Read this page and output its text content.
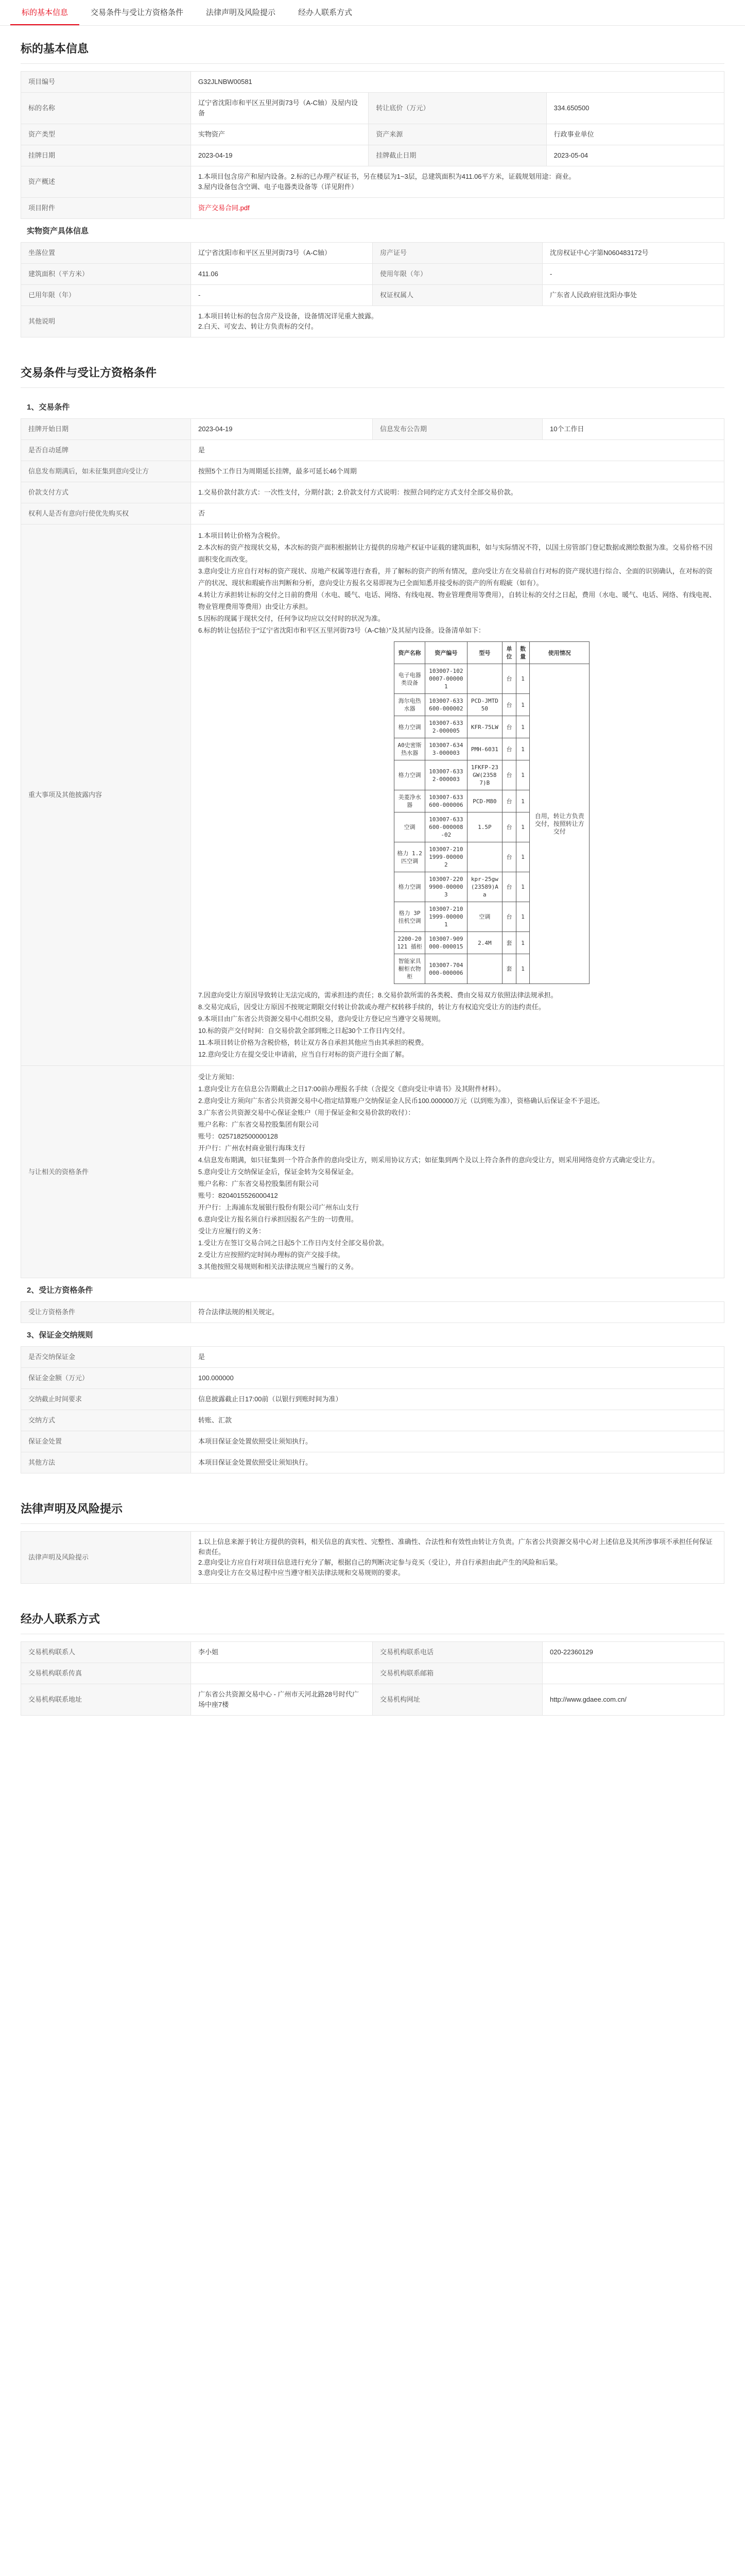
标的基本信息	交易条件与受让方资格条件	法律声明及风险提示	经办人联系方式
标的基本信息
项目编号	G32JLNBW00581		
标的名称	辽宁省沈阳市和平区五里河街73号（A-C轴）及屋内设备	转让底价（万元）	334.650500
资产类型	实物资产	资产来源	行政事业单位
挂牌日期	2023-04-19	挂牌截止日期	2023-05-04
资产概述	1.本项目包含房产和屋内设备。2.标的已办理产权证书，另在楼层为1~3层，总建筑面积为411.06平方米，证载规划用途：商业。
3.屋内设备包含空调、电子电器类设备等（详见附件）		
项目附件	资产交易合同.pdf		
实物资产具体信息
坐落位置	辽宁省沈阳市和平区五里河街73号（A-C轴）	房产证号	沈房权证中心字第N060483172号
建筑面积（平方米）	411.06	使用年限（年）	-
已用年限（年）	-	权证权属人	广东省人民政府驻沈阳办事处
其他说明	1.本项目转让标的包含房产及设备，设备情况详见重大披露。
2.白天、可安去、转让方负责标的交付。		
交易条件与受让方资格条件
1、交易条件
挂牌开始日期	2023-04-19	信息发布公告期	10个工作日
是否自动延牌	是
信息发布期满后，如未征集到意向受让方	按照5个工作日为周期延长挂牌，最多可延长46个周期
价款支付方式	1.交易价款付款方式：一次性支付，分期付款；2.价款支付方式说明：按照合同约定方式支付全部交易价款。
权利人是否有意向行使优先购买权	否
重大事项及其他披露内容	

1.本项目转让价格为含税价。
2.本次标的资产按现状交易，本次标的资产面积根据转让方提供的房地产权证中证载的建筑面积，如与实际情况不符，以国土房管部门登记数据或测绘数据为准。交易价格不因面积变化而改变。
3.意向受让方应自行对标的资产现状、房地产权属等进行查看，并了解标的资产的所有情况，意向受让方在交易前自行对标的资产现状进行综合、全面的识别确认，在对标的资产的状况、现状和瑕疵作出判断和分析，意向受让方报名交易即视为已全面知悉并接受标的资产的所有瑕疵（如有）。
4.转让方承担转让标的交付之日前的费用（水电、暖气、电话、网络、有线电视、物业管理费用等费用），自转让标的交付之日起，费用（水电、暖气、电话、网络、有线电视、物业管理费用等费用）由受让方承担。
5.因标的现属于现状交付，任何争议均应以交付时的状况为准。
6.标的转让包括位于“辽宁省沈阳市和平区五里河街73号（A-C轴）”及其屋内设备。设备清单如下：

资产名称	资产编号	型号	单位	数量	使用情况
电子电器类设备	103007-1020007-000001		台	1	自用，转让方负责交付，按照转让方交付
海尔电热水器	103007-633600-000002	PCD-JMTD50	台	1
格力空调	103007-6332-000005	KFR-75LW	台	1
A0史密斯热水器	103007-6343-000003	PMH-6031	台	1
格力空调	103007-6332-000003	1FKFP-23GW(23587)B	台	1
美菱净水器	103007-633600-000006	PCD-M80	台	1
空调	103007-633600-000008-02	1.5P	台	1
格力 1.2匹空调	103007-2101999-000002		台	1
格力空调	103007-2209900-000003	kpr-25gw(23589)Aa	台	1
格力 3P 挂机空调	103007-2101999-000001	空调	台	1
2200-20121 插柜	103007-909000-000015	2.4M	套	1
智能家具橱柜衣物柜	103007-704000-000006		套	1

7.因意向受让方原因导致转让无法完成的，需承担违约责任；8.交易价款所需的各类税、费由交易双方依照法律法规承担。
8.交易完成后，因受让方原因不按规定期限交付转让价款或办理产权转移手续的，转让方有权追究受让方的违约责任。
9.本项目由广东省公共资源交易中心组织交易，意向受让方登记应当遵守交易规则。
10.标的资产交付时间：自交易价款全部到账之日起30个工作日内交付。
11.本项目转让价格为含税价格，转让双方各自承担其他应当由其承担的税费。
12.意向受让方在提交受让申请前，应当自行对标的资产进行全面了解。

与让相关的资格条件	

受让方须知：
1.意向受让方在信息公告期截止之日17:00前办理报名手续（含提交《意向受让申请书》及其附件材料）。
2.意向受让方须向广东省公共资源交易中心指定结算账户交纳保证金人民币100.000000万元（以到账为准），资格确认后保证金不予退还。
3.广东省公共资源交易中心保证金账户（用于保证金和交易价款的收付）：
账户名称：广东省交易控股集团有限公司
账号：0257182500000128
开户行：广州农村商业银行海珠支行
4.信息发布期满，如只征集到一个符合条件的意向受让方，则采用协议方式；如征集到两个及以上符合条件的意向受让方，则采用网络竞价方式确定受让方。
5.意向受让方交纳保证金后，保证金转为交易保证金。
账户名称：广东省交易控股集团有限公司
账号：8204015526000412
开户行：上海浦东发展银行股份有限公司广州东山支行
6.意向受让方报名须自行承担因报名产生的一切费用。
受让方应履行的义务：
1.受让方在签订交易合同之日起5个工作日内支付全部交易价款。
2.受让方应按照约定时间办理标的资产交接手续。
3.其他按照交易规则和相关法律法规应当履行的义务。

2、受让方资格条件
受让方资格条件	符合法律法规的相关规定。
3、保证金交纳规则
是否交纳保证金	是
保证金金额（万元）	100.000000
交纳截止时间要求	信息披露截止日17:00前（以银行到账时间为准）
交纳方式	转账、汇款
保证金处置	本项目保证金处置依照受让须知执行。
其他方法	本项目保证金处置依照受让须知执行。
法律声明及风险提示
法律声明及风险提示	1.以上信息来源于转让方提供的资料，相关信息的真实性、完整性、准确性、合法性和有效性由转让方负责。广东省公共资源交易中心对上述信息及其所涉事项不承担任何保证和责任。
2.意向受让方应自行对项目信息进行充分了解，根据自己的判断决定参与竞买（受让），并自行承担由此产生的风险和后果。
3.意向受让方在交易过程中应当遵守相关法律法规和交易规则的要求。
经办人联系方式
交易机构联系人	李小姐	交易机构联系电话	020-22360129
交易机构联系传真		交易机构联系邮箱	
交易机构联系地址	广东省公共资源交易中心 - 广州市天河北路28号时代广场中座7楼	交易机构网址	http://www.gdaee.com.cn/
